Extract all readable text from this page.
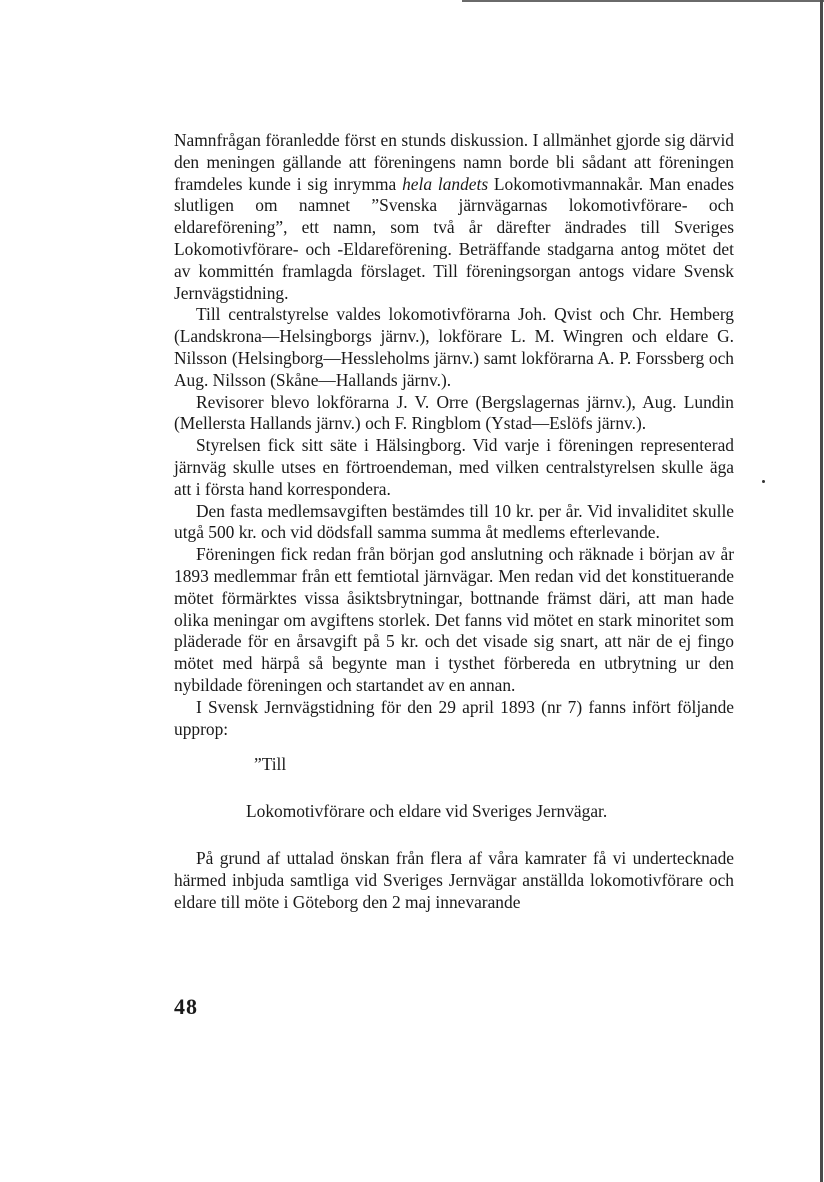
Namnfrågan föranledde först en stunds diskussion. I allmänhet gjorde sig därvid den meningen gällande att föreningens namn borde bli sådant att föreningen framdeles kunde i sig inrymma hela landets Lokomotivmannakår. Man enades slutligen om namnet ”Svenska järnvägarnas lokomotivförare- och eldareförening”, ett namn, som två år därefter ändrades till Sveriges Lokomotivförare- och -Eldareförening. Beträffande stadgarna antog mötet det av kommittén framlagda förslaget. Till föreningsorgan antogs vidare Svensk Jernvägstidning.

Till centralstyrelse valdes lokomotivförarna Joh. Qvist och Chr. Hemberg (Landskrona—Helsingborgs järnv.), lokförare L. M. Wingren och eldare G. Nilsson (Helsingborg—Hessleholms järnv.) samt lokförarna A. P. Forssberg och Aug. Nilsson (Skåne—Hallands järnv.).

Revisorer blevo lokförarna J. V. Orre (Bergslagernas järnv.), Aug. Lundin (Mellersta Hallands järnv.) och F. Ringblom (Ystad—Eslöfs järnv.).

Styrelsen fick sitt säte i Hälsingborg. Vid varje i föreningen representerad järnväg skulle utses en förtroendeman, med vilken centralstyrelsen skulle äga att i första hand korrespondera.

Den fasta medlemsavgiften bestämdes till 10 kr. per år. Vid invaliditet skulle utgå 500 kr. och vid dödsfall samma summa åt medlems efterlevande.

Föreningen fick redan från början god anslutning och räknade i början av år 1893 medlemmar från ett femtiotal järnvägar. Men redan vid det konstituerande mötet förmärktes vissa åsiktsbrytningar, bottnande främst däri, att man hade olika meningar om avgiftens storlek. Det fanns vid mötet en stark minoritet som pläderade för en årsavgift på 5 kr. och det visade sig snart, att när de ej fingo mötet med härpå så begynte man i tysthet förbereda en utbrytning ur den nybildade föreningen och startandet av en annan.

I Svensk Jernvägstidning för den 29 april 1893 (nr 7) fanns infört följande upprop:

”Till

Lokomotivförare och eldare vid Sveriges Jernvägar.

På grund af uttalad önskan från flera af våra kamrater få vi undertecknade härmed inbjuda samtliga vid Sveriges Jernvägar anställda lokomotivförare och eldare till möte i Göteborg den 2 maj innevarande

48
